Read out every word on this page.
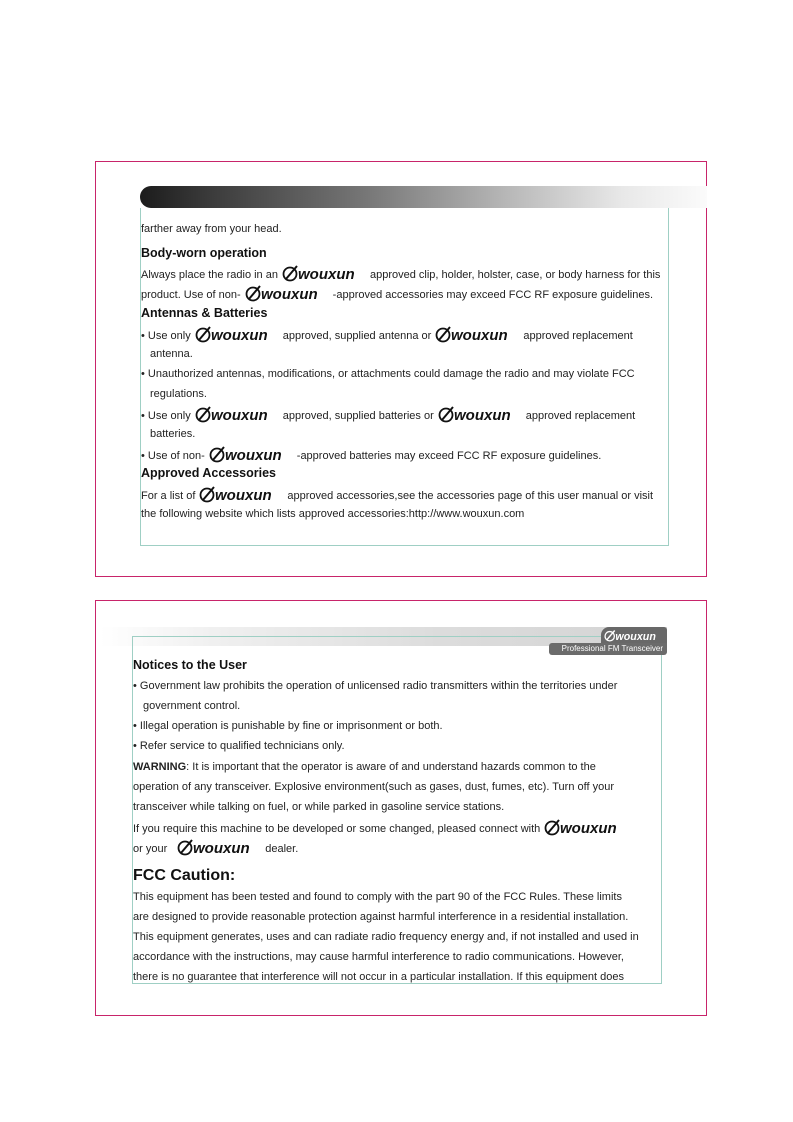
farther away from your head.
Body-worn operation
Always place the radio in an	approved clip, holder, holster, case, or body harness for this
product. Use of non-	-approved accessories may exceed FCC RF exposure guidelines.
Antennas & Batteries
• Use only	approved, supplied antenna or	approved replacement
antenna.
• Unauthorized antennas, modifications, or attachments could damage the radio and may violate FCC
regulations.
• Use only	approved, supplied batteries or	approved replacement
batteries.
• Use of non-	-approved batteries may exceed FCC RF exposure guidelines.
Approved Accessories
For a list of	approved accessories,see the accessories page of this user manual or visit
the following website which lists approved accessories:http://www.wouxun.com
Professional FM Transceiver
Notices to the User
• Government law prohibits the operation of unlicensed radio transmitters within the territories under
government control.
• Illegal operation is punishable by fine or imprisonment or both.
• Refer service to qualified technicians only.
WARNING: It is important that the operator is aware of and understand hazards common to the
operation of any transceiver. Explosive environment(such as gases, dust, fumes, etc). Turn off your
transceiver while talking on fuel, or while parked in gasoline service stations.
If you require this machine to be developed or some changed, pleased connect with
or your	dealer.
FCC Caution:
This equipment has been tested and found to comply with the part 90 of the FCC Rules. These limits
are designed to provide reasonable protection against harmful interference in a residential installation.
This equipment generates, uses and can radiate radio frequency energy and, if not installed and used in
accordance with the instructions, may cause harmful interference to radio communications. However,
there is no guarantee that interference will not occur in a particular installation. If this equipment does
